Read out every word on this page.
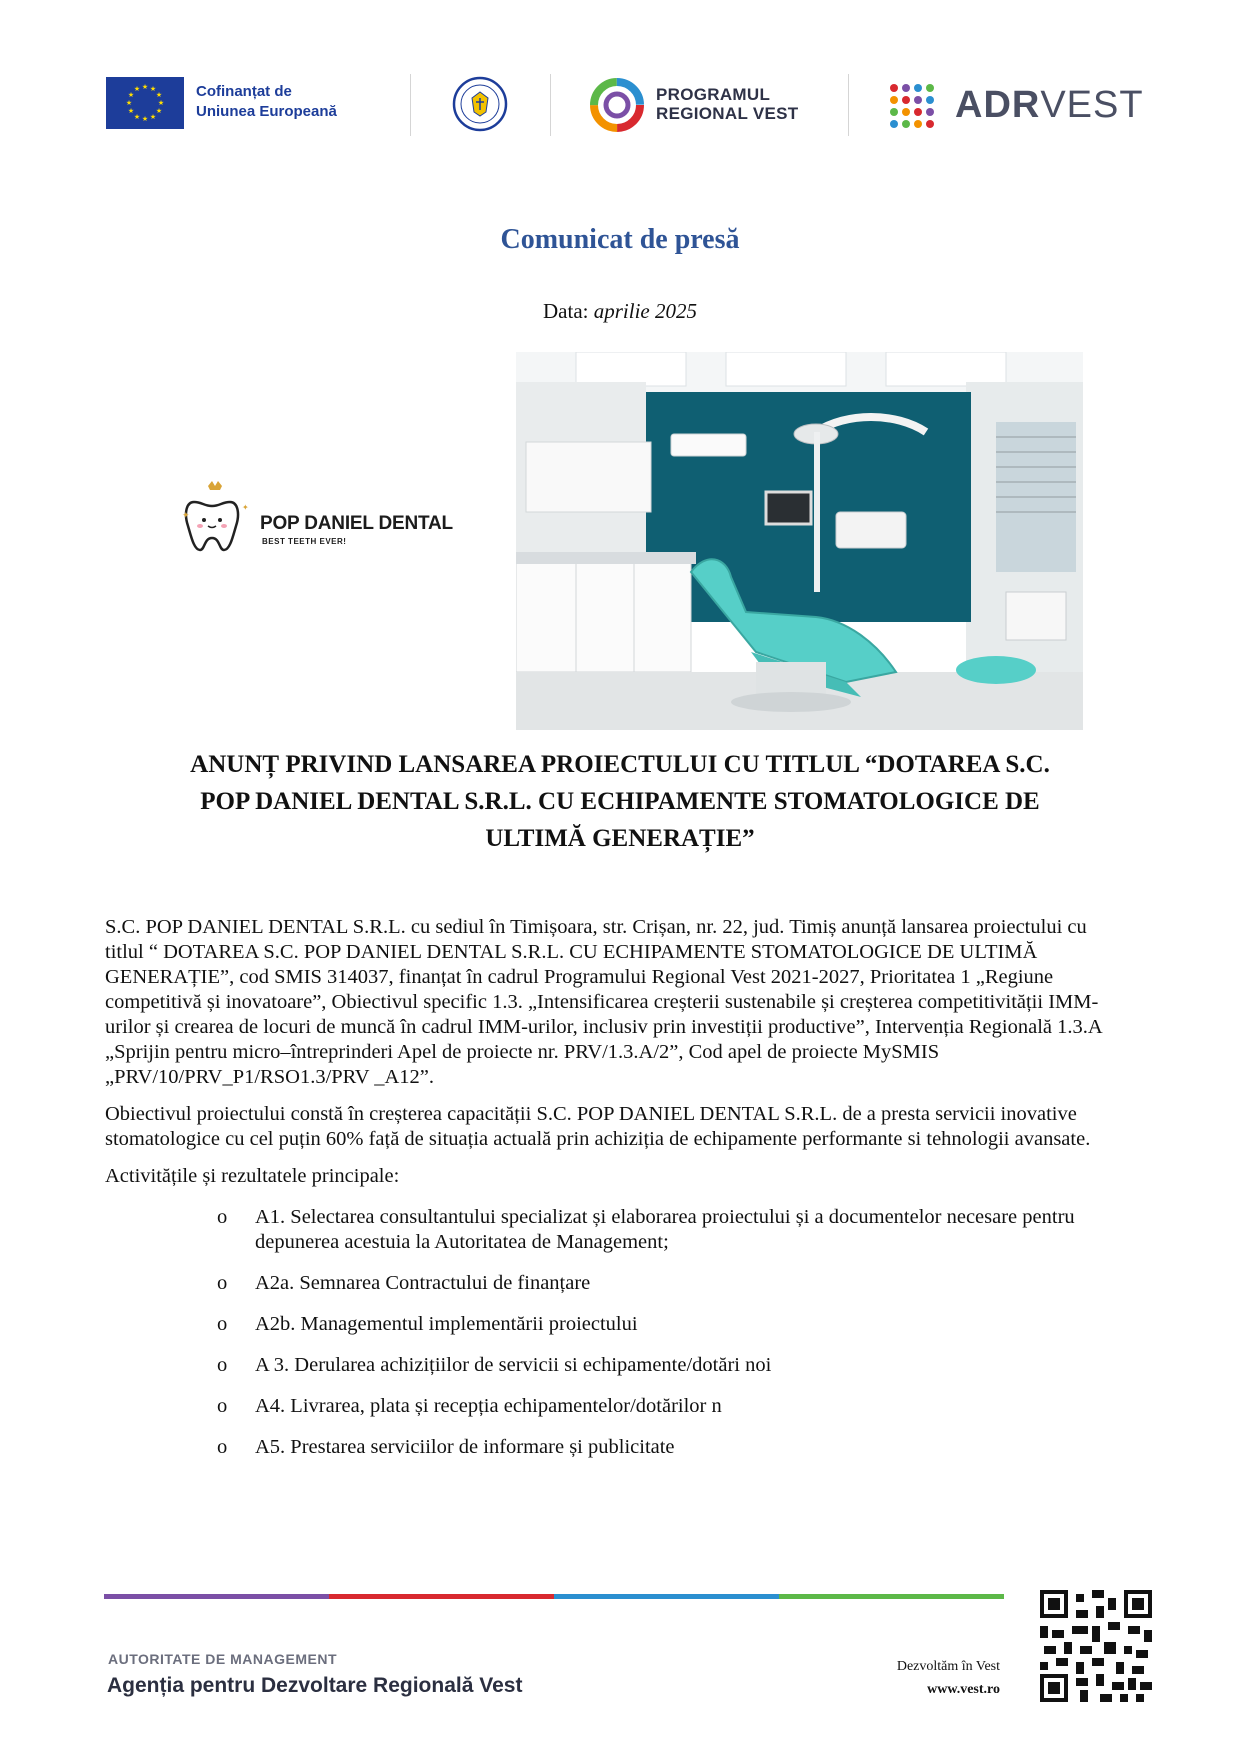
★ ★
★
★
★
★
★
★
★
★
★
★	Cofinanțat de
Uniunea Europeană
PROGRAMUL
REGIONAL VEST	ADRVEST
Comunicat de presă
Data: aprilie 2025
✦
✦
POP DANIEL DENTAL
BEST TEETH EVER!
ANUNȚ PRIVIND LANSAREA PROIECTULUI CU TITLUL “DOTAREA S.C.
POP DANIEL DENTAL S.R.L. CU ECHIPAMENTE STOMATOLOGICE DE
ULTIMĂ GENERAȚIE”

S.C. POP DANIEL DENTAL S.R.L. cu sediul în Timișoara, str. Crișan, nr. 22, jud. Timiș anunță lansarea proiectului cu titlul “ DOTAREA S.C. POP DANIEL DENTAL S.R.L. CU ECHIPAMENTE STOMATOLOGICE DE ULTIMĂ GENERAȚIE”, cod SMIS 314037, finanțat în cadrul Programului Regional Vest 2021-2027, Prioritatea 1 „Regiune competitivă și inovatoare”, Obiectivul specific 1.3. „Intensificarea creșterii sustenabile și creșterea competitivității IMM-urilor și crearea de locuri de muncă în cadrul IMM-urilor, inclusiv prin investiții productive”, Intervenția Regională 1.3.A „Sprijin pentru micro–întreprinderi Apel de proiecte nr. PRV/1.3.A/2”, Cod apel de proiecte MySMIS „PRV/10/PRV_P1/RSO1.3/PRV _A12”.

Obiectivul proiectului constă în creșterea capacității S.C. POP DANIEL DENTAL S.R.L. de a presta servicii inovative stomatologice cu cel puțin 60% față de situația actuală prin achiziția de echipamente performante si tehnologii avansate.

Activitățile și rezultatele principale:

o A1. Selectarea consultantului specializat și elaborarea proiectului și a documentelor necesare pentru depunerea acestuia la Autoritatea de Management;
o A2a. Semnarea Contractului de finanțare
o A2b. Managementul implementării proiectului
o A 3. Derularea achizițiilor de servicii si echipamente/dotări noi
o A4. Livrarea, plata și recepția echipamentelor/dotărilor n
o A5. Prestarea serviciilor de informare și publicitate
AUTORITATE DE MANAGEMENT
Agenția pentru Dezvoltare Regională Vest
Dezvoltăm în Vest
www.vest.ro
